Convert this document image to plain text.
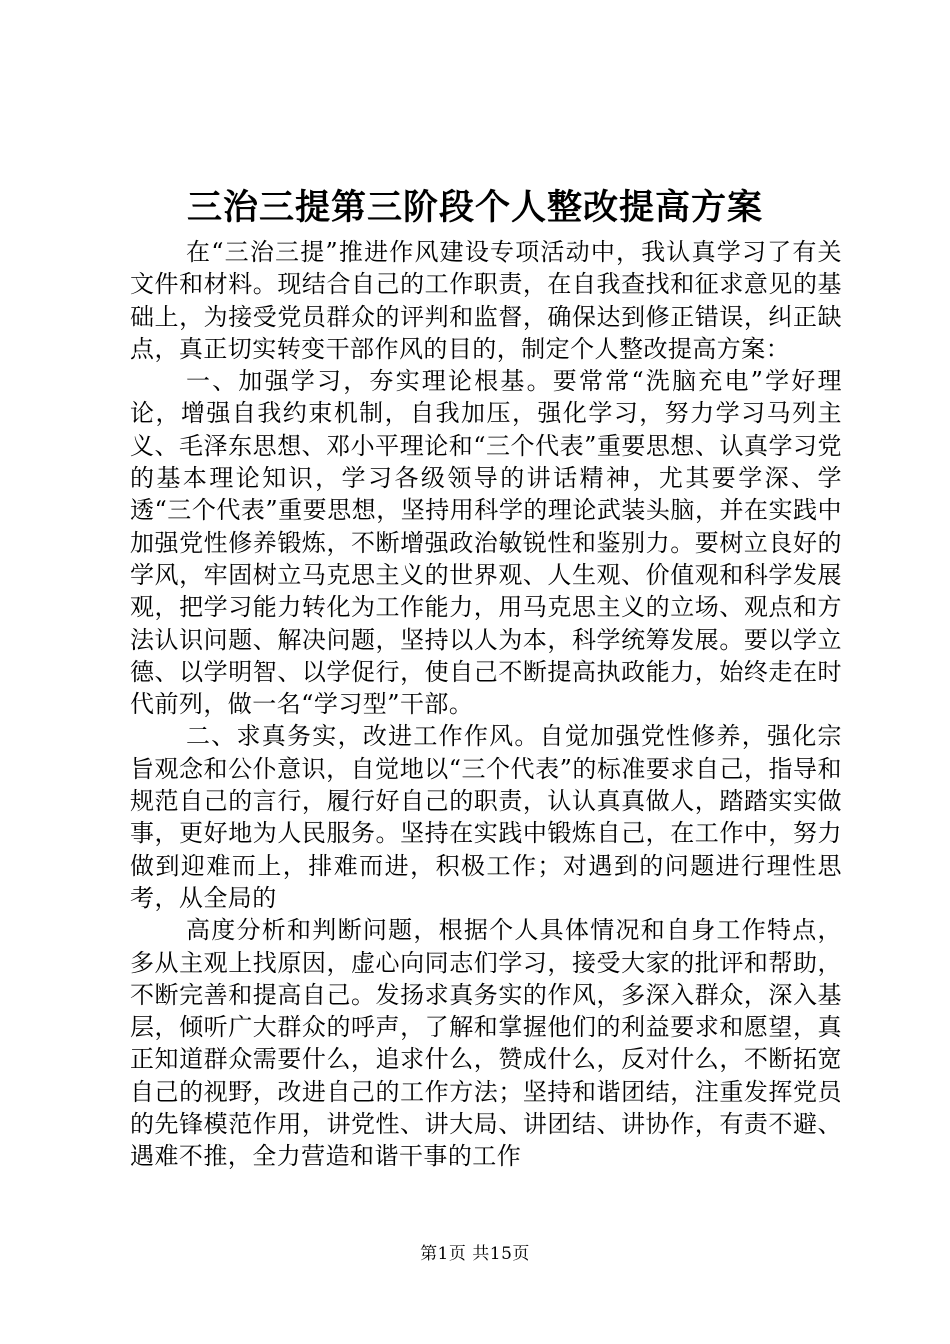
三治三提第三阶段个人整改提高方案

在“三治三提”推进作风建设专项活动中，我认真学习了有关文件和材料。现结合自己的工作职责，在自我查找和征求意见的基础上，为接受党员群众的评判和监督，确保达到修正错误，纠正缺点，真正切实转变干部作风的目的，制定个人整改提高方案：

一、加强学习，夯实理论根基。要常常“洗脑充电”学好理论，增强自我约束机制，自我加压，强化学习，努力学习马列主义、毛泽东思想、邓小平理论和“三个代表”重要思想、认真学习党的基本理论知识，学习各级领导的讲话精神，尤其要学深、学透“三个代表”重要思想，坚持用科学的理论武装头脑，并在实践中加强党性修养锻炼，不断增强政治敏锐性和鉴别力。要树立良好的学风，牢固树立马克思主义的世界观、人生观、价值观和科学发展观，把学习能力转化为工作能力，用马克思主义的立场、观点和方法认识问题、解决问题，坚持以人为本，科学统筹发展。要以学立德、以学明智、以学促行，使自己不断提高执政能力，始终走在时代前列，做一名“学习型”干部。

二、求真务实，改进工作作风。自觉加强党性修养，强化宗旨观念和公仆意识，自觉地以“三个代表”的标准要求自己，指导和规范自己的言行，履行好自己的职责，认认真真做人，踏踏实实做事，更好地为人民服务。坚持在实践中锻炼自己，在工作中，努力做到迎难而上，排难而进，积极工作；对遇到的问题进行理性思考，从全局的

高度分析和判断问题，根据个人具体情况和自身工作特点，多从主观上找原因，虚心向同志们学习，接受大家的批评和帮助，不断完善和提高自己。发扬求真务实的作风，多深入群众，深入基层，倾听广大群众的呼声，了解和掌握他们的利益要求和愿望，真正知道群众需要什么，追求什么，赞成什么，反对什么，不断拓宽自己的视野，改进自己的工作方法；坚持和谐团结，注重发挥党员的先锋模范作用，讲党性、讲大局、讲团结、讲协作，有责不避、遇难不推，全力营造和谐干事的工作

第1页 共15页
